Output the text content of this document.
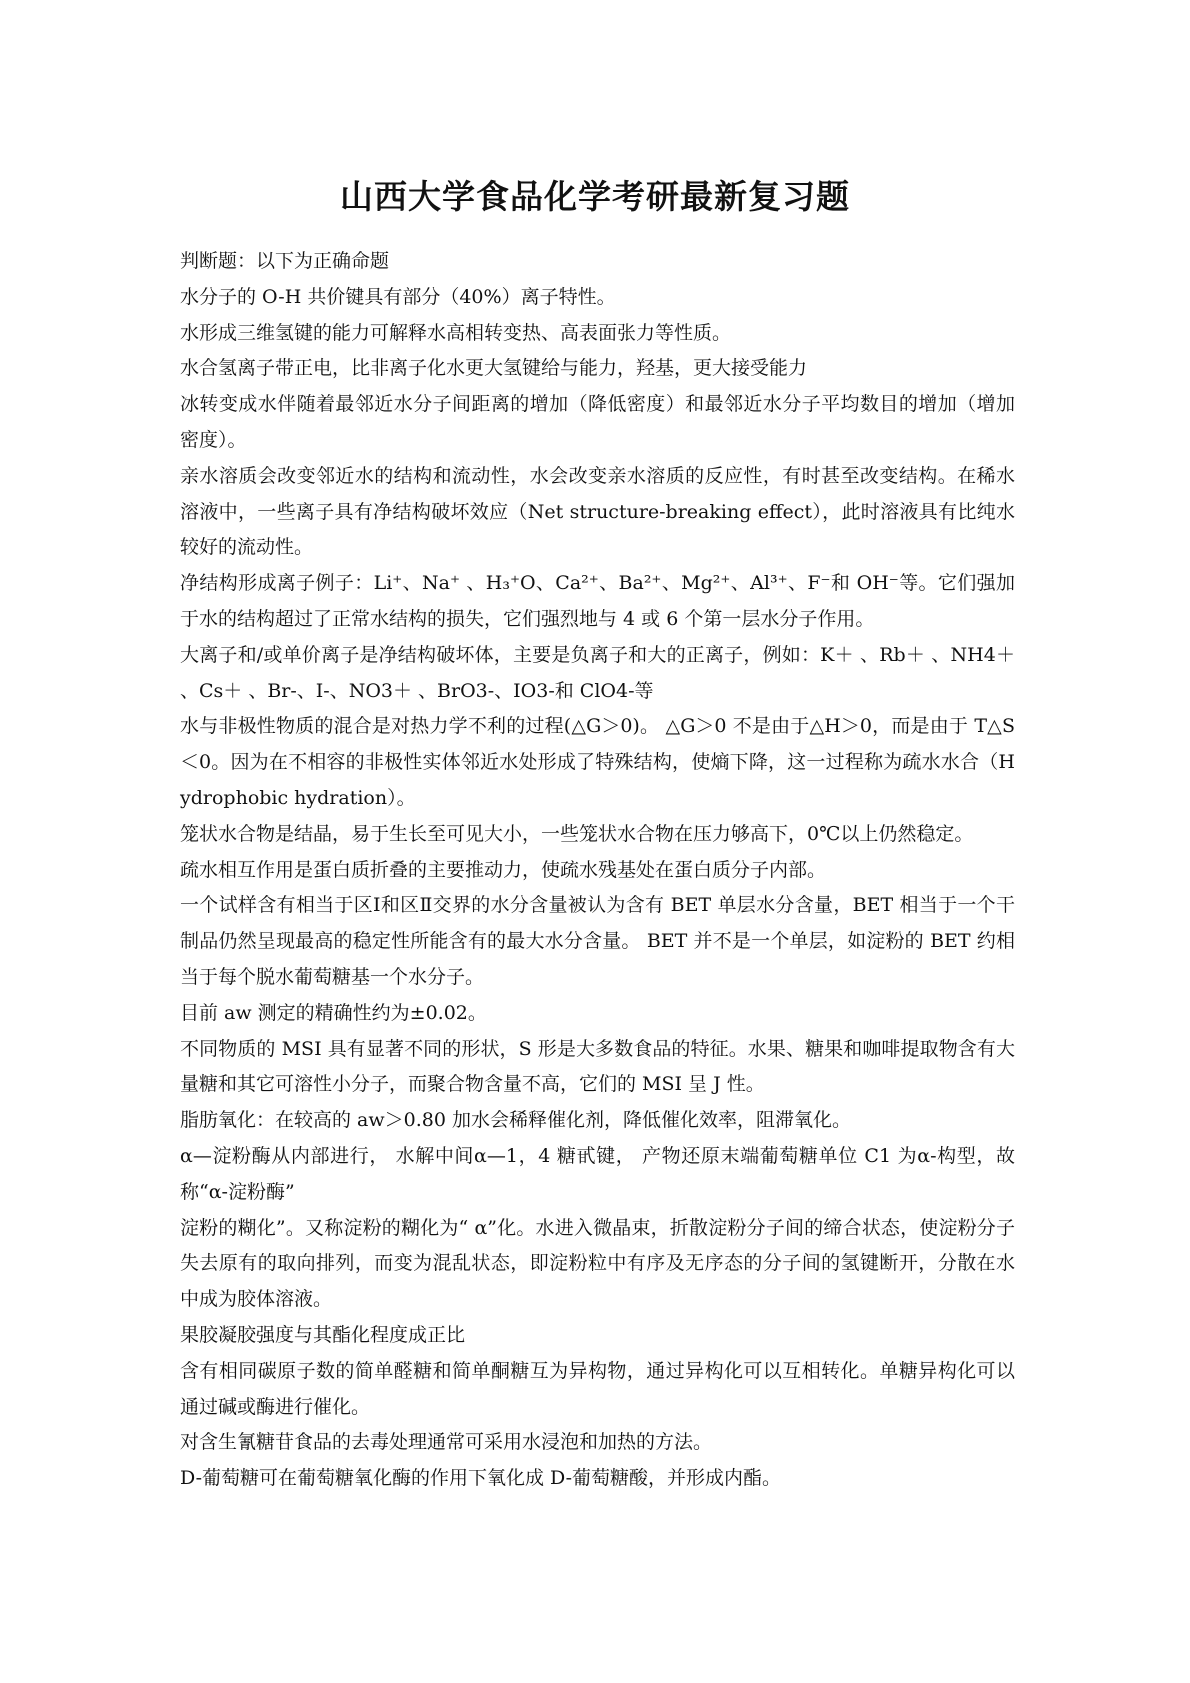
山西大学食品化学考研最新复习题

判断题：以下为正确命题

水分子的 O-H 共价键具有部分（40%）离子特性。

水形成三维氢键的能力可解释水高相转变热、高表面张力等性质。

水合氢离子带正电，比非离子化水更大氢键给与能力，羟基，更大接受能力

冰转变成水伴随着最邻近水分子间距离的增加（降低密度）和最邻近水分子平均数目的增加（增加密度）。

亲水溶质会改变邻近水的结构和流动性，水会改变亲水溶质的反应性，有时甚至改变结构。在稀水溶液中，一些离子具有净结构破坏效应（Net structure-breaking effect），此时溶液具有比纯水较好的流动性。

净结构形成离子例子：Li⁺、Na⁺ 、H₃⁺O、Ca²⁺、Ba²⁺、Mg²⁺、Al³⁺、F⁻和 OH⁻等。它们强加于水的结构超过了正常水结构的损失，它们强烈地与 4 或 6 个第一层水分子作用。

大离子和/或单价离子是净结构破坏体，主要是负离子和大的正离子，例如：K＋ 、Rb＋ 、NH4＋ 、Cs＋ 、Br-、I-、NO3＋ 、BrO3-、IO3-和 ClO4-等

水与非极性物质的混合是对热力学不利的过程(△G＞0)。 △G＞0 不是由于△H＞0，而是由于 T△S＜0。因为在不相容的非极性实体邻近水处形成了特殊结构，使熵下降，这一过程称为疏水水合（Hydrophobic hydration）。

笼状水合物是结晶，易于生长至可见大小，一些笼状水合物在压力够高下，0℃以上仍然稳定。

疏水相互作用是蛋白质折叠的主要推动力，使疏水残基处在蛋白质分子内部。

一个试样含有相当于区Ⅰ和区Ⅱ交界的水分含量被认为含有 BET 单层水分含量，BET 相当于一个干制品仍然呈现最高的稳定性所能含有的最大水分含量。 BET 并不是一个单层，如淀粉的 BET 约相当于每个脱水葡萄糖基一个水分子。

目前 aw 测定的精确性约为±0.02。

不同物质的 MSI 具有显著不同的形状，S 形是大多数食品的特征。水果、糖果和咖啡提取物含有大量糖和其它可溶性小分子，而聚合物含量不高，它们的 MSI 呈 J 性。

脂肪氧化：在较高的 aw＞0.80 加水会稀释催化剂，降低催化效率，阻滞氧化。

α—淀粉酶从内部进行， 水解中间α—1，4 糖甙键， 产物还原末端葡萄糖单位 C1 为α-构型，故称“α-淀粉酶”

淀粉的糊化”。又称淀粉的糊化为“ α”化。水进入微晶束，折散淀粉分子间的缔合状态，使淀粉分子失去原有的取向排列，而变为混乱状态，即淀粉粒中有序及无序态的分子间的氢键断开，分散在水中成为胶体溶液。

果胶凝胶强度与其酯化程度成正比

含有相同碳原子数的简单醛糖和简单酮糖互为异构物，通过异构化可以互相转化。单糖异构化可以通过碱或酶进行催化。

对含生氰糖苷食品的去毒处理通常可采用水浸泡和加热的方法。

D-葡萄糖可在葡萄糖氧化酶的作用下氧化成 D-葡萄糖酸，并形成内酯。
